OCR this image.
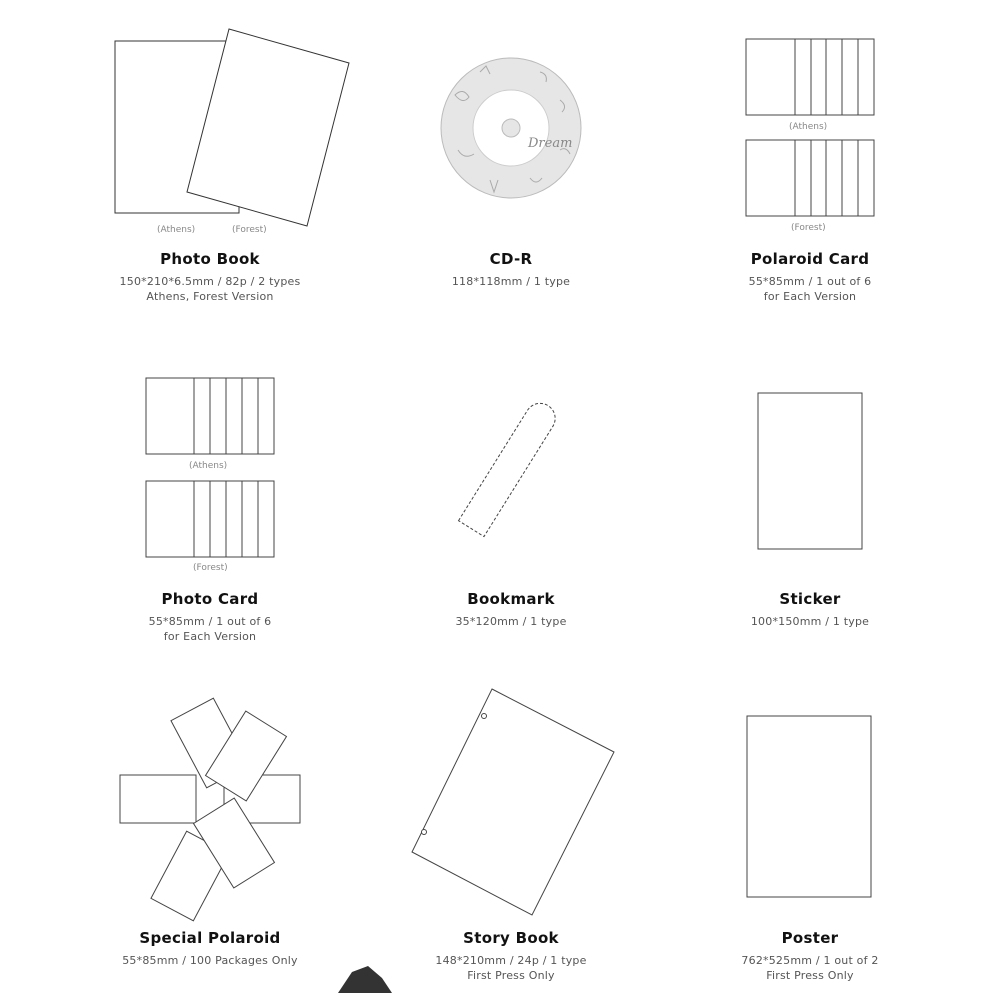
Dream
(Athens)	(Forest)
(Athens)
(Forest)
(Athens)
(Forest)
Photo Book
150*210*6.5mm / 82p / 2 types
Athens, Forest Version
CD-R
118*118mm / 1 type
Polaroid Card
55*85mm / 1 out of 6
for Each Version
Photo Card
55*85mm / 1 out of 6
for Each Version
Bookmark
35*120mm / 1 type
Sticker
100*150mm / 1 type
Special Polaroid
55*85mm / 100 Packages Only
Story Book
148*210mm / 24p / 1 type
First Press Only
Poster
762*525mm / 1 out of 2
First Press Only
